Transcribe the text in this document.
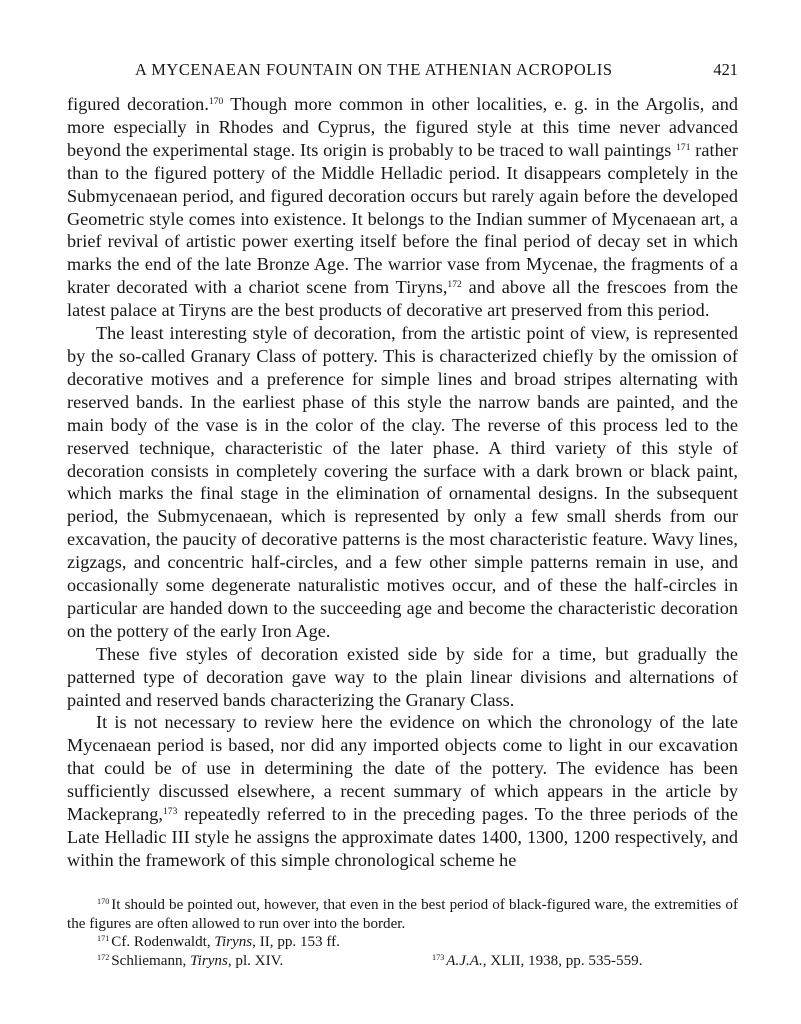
A MYCENAEAN FOUNTAIN ON THE ATHENIAN ACROPOLIS	421

figured decoration.$^{170}$ Though more common in other localities, e. g. in the Argolis, and more especially in Rhodes and Cyprus, the figured style at this time never advanced beyond the experimental stage. Its origin is probably to be traced to wall paintings $^{171}$ rather than to the figured pottery of the Middle Helladic period. It disappears completely in the Submycenaean period, and figured decoration occurs but rarely again before the developed Geometric style comes into existence. It belongs to the Indian summer of Mycenaean art, a brief revival of artistic power exerting itself before the final period of decay set in which marks the end of the late Bronze Age. The warrior vase from Mycenae, the fragments of a krater decorated with a chariot scene from Tiryns,$^{172}$ and above all the frescoes from the latest palace at Tiryns are the best products of decorative art preserved from this period.

The least interesting style of decoration, from the artistic point of view, is represented by the so-called Granary Class of pottery. This is characterized chiefly by the omission of decorative motives and a preference for simple lines and broad stripes alternating with reserved bands. In the earliest phase of this style the narrow bands are painted, and the main body of the vase is in the color of the clay. The reverse of this process led to the reserved technique, characteristic of the later phase. A third variety of this style of decoration consists in completely covering the surface with a dark brown or black paint, which marks the final stage in the elimination of ornamental designs. In the subsequent period, the Submycenaean, which is represented by only a few small sherds from our excavation, the paucity of decorative patterns is the most characteristic feature. Wavy lines, zigzags, and concentric half-circles, and a few other simple patterns remain in use, and occasionally some degenerate naturalistic motives occur, and of these the half-circles in particular are handed down to the succeeding age and become the characteristic decoration on the pottery of the early Iron Age.

These five styles of decoration existed side by side for a time, but gradually the patterned type of decoration gave way to the plain linear divisions and alternations of painted and reserved bands characterizing the Granary Class.

It is not necessary to review here the evidence on which the chronology of the late Mycenaean period is based, nor did any imported objects come to light in our excavation that could be of use in determining the date of the pottery. The evidence has been sufficiently discussed elsewhere, a recent summary of which appears in the article by Mackeprang,$^{173}$ repeatedly referred to in the preceding pages. To the three periods of the Late Helladic III style he assigns the approximate dates 1400, 1300, 1200 respectively, and within the framework of this simple chronological scheme he

$^{170}$ It should be pointed out, however, that even in the best period of black-figured ware, the extremities of the figures are often allowed to run over into the border.
$^{171}$ Cf. Rodenwaldt, Tiryns, II, pp. 153 ff.
$^{172}$ Schliemann, Tiryns, pl. XIV.	$^{173}$ A.J.A., XLII, 1938, pp. 535-559.
